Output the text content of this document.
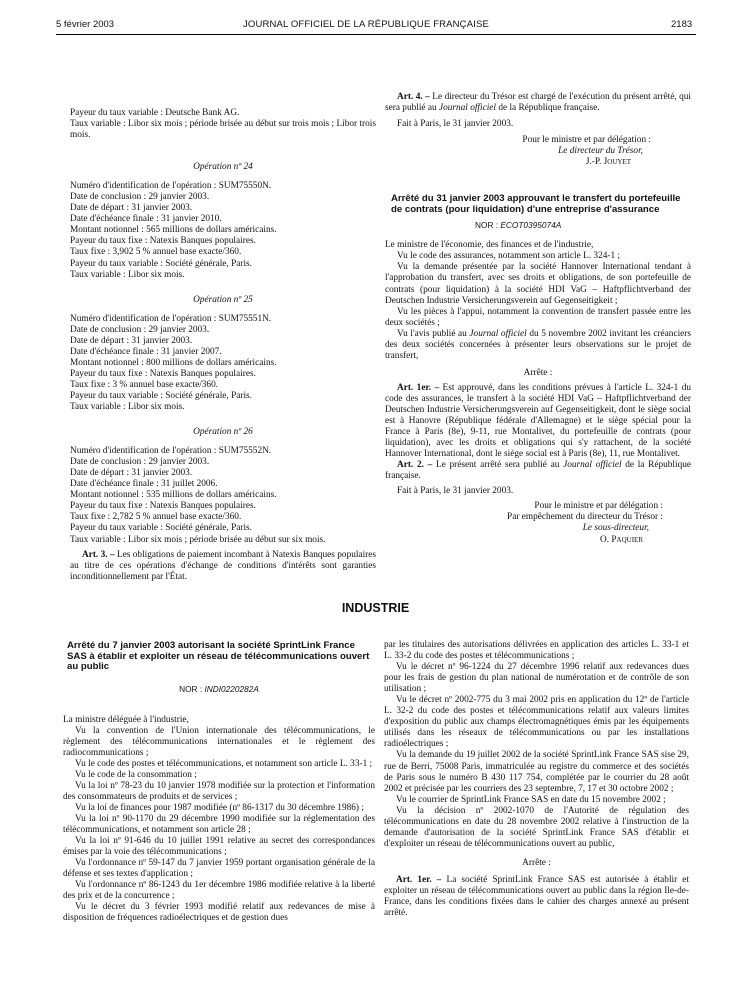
5 février 2003	JOURNAL OFFICIEL DE LA RÉPUBLIQUE FRANÇAISE	2183

Payeur du taux variable : Deutsche Bank AG.

Taux variable : Libor six mois ; période brisée au début sur trois mois ; Libor trois mois.

Opération nº 24

Numéro d'identification de l'opération : SUM75550N.

Date de conclusion : 29 janvier 2003.

Date de départ : 31 janvier 2003.

Date d'échéance finale : 31 janvier 2010.

Montant notionnel : 565 millions de dollars américains.

Payeur du taux fixe : Natexis Banques populaires.

Taux fixe : 3,902 5 % annuel base exacte/360.

Payeur du taux variable : Société générale, Paris.

Taux variable : Libor six mois.

Opération nº 25

Numéro d'identification de l'opération : SUM75551N.

Date de conclusion : 29 janvier 2003.

Date de départ : 31 janvier 2003.

Date d'échéance finale : 31 janvier 2007.

Montant notionnel : 800 millions de dollars américains.

Payeur du taux fixe : Natexis Banques populaires.

Taux fixe : 3 % annuel base exacte/360.

Payeur du taux variable : Société générale, Paris.

Taux variable : Libor six mois.

Opération nº 26

Numéro d'identification de l'opération : SUM75552N.

Date de conclusion : 29 janvier 2003.

Date de départ : 31 janvier 2003.

Date d'échéance finale : 31 juillet 2006.

Montant notionnel : 535 millions de dollars américains.

Payeur du taux fixe : Natexis Banques populaires.

Taux fixe : 2,782 5 % annuel base exacte/360.

Payeur du taux variable : Société générale, Paris.

Taux variable : Libor six mois ; période brisée au début sur six mois.

Art. 3. – Les obligations de paiement incombant à Natexis Banques populaires au titre de ces opérations d'échange de conditions d'intérêts sont garanties inconditionnellement par l'État.

Art. 4. – Le directeur du Trésor est chargé de l'exécution du présent arrêté, qui sera publié au Journal officiel de la République française.

Fait à Paris, le 31 janvier 2003.

Pour le ministre et par délégation :

Le directeur du Trésor,

J.-P. Jouyet

Arrêté du 31 janvier 2003 approuvant le transfert du portefeuille de contrats (pour liquidation) d'une entreprise d'assurance

NOR : ECOT0395074A

Le ministre de l'économie, des finances et de l'industrie,

Vu le code des assurances, notamment son article L. 324-1 ;

Vu la demande présentée par la société Hannover International tendant à l'approbation du transfert, avec ses droits et obligations, de son portefeuille de contrats (pour liquidation) à la société HDI VaG – Haftpflichtverband der Deutschen Industrie Versicherungsverein auf Gegenseitigkeit ;

Vu les pièces à l'appui, notamment la convention de transfert passée entre les deux sociétés ;

Vu l'avis publié au Journal officiel du 5 novembre 2002 invitant les créanciers des deux sociétés concernées à présenter leurs observations sur le projet de transfert,

Arrête :

Art. 1er. – Est approuvé, dans les conditions prévues à l'article L. 324-1 du code des assurances, le transfert à la société HDI VaG – Haftpflichtverband der Deutschen Industrie Versicherungsverein auf Gegenseitigkeit, dont le siège social est à Hanovre (République fédérale d'Allemagne) et le siège spécial pour la France à Paris (8e), 9-11, rue Montalivet, du portefeuille de contrats (pour liquidation), avec les droits et obligations qui s'y rattachent, de la société Hannover International, dont le siège social est à Paris (8e), 11, rue Montalivet.

Art. 2. – Le présent arrêté sera publié au Journal officiel de la République française.

Fait à Paris, le 31 janvier 2003.

Pour le ministre et par délégation :

Par empêchement du directeur du Trésor :

Le sous-directeur,

O. Paquier

INDUSTRIE

Arrêté du 7 janvier 2003 autorisant la société SprintLink France SAS à établir et exploiter un réseau de télécommunications ouvert au public

NOR : INDI0220282A

La ministre déléguée à l'industrie,

Vu la convention de l'Union internationale des télécommunications, le règlement des télécommunications internationales et le règlement des radiocommunications ;

Vu le code des postes et télécommunications, et notamment son article L. 33-1 ;

Vu le code de la consommation ;

Vu la loi nº 78-23 du 10 janvier 1978 modifiée sur la protection et l'information des consommateurs de produits et de services ;

Vu la loi de finances pour 1987 modifiée (nº 86-1317 du 30 décembre 1986) ;

Vu la loi nº 90-1170 du 29 décembre 1990 modifiée sur la réglementation des télécommunications, et notamment son article 28 ;

Vu la loi nº 91-646 du 10 juillet 1991 relative au secret des correspondances émises par la voie des télécommunications ;

Vu l'ordonnance nº 59-147 du 7 janvier 1959 portant organisation générale de la défense et ses textes d'application ;

Vu l'ordonnance nº 86-1243 du 1er décembre 1986 modifiée relative à la liberté des prix et de la concurrence ;

Vu le décret du 3 février 1993 modifié relatif aux redevances de mise à disposition de fréquences radioélectriques et de gestion dues

par les titulaires des autorisations délivrées en application des articles L. 33-1 et L. 33-2 du code des postes et télécommunications ;

Vu le décret nº 96-1224 du 27 décembre 1996 relatif aux redevances dues pour les frais de gestion du plan national de numérotation et de contrôle de son utilisation ;

Vu le décret nº 2002-775 du 3 mai 2002 pris en application du 12º de l'article L. 32-2 du code des postes et télécommunications relatif aux valeurs limites d'exposition du public aux champs électromagnétiques émis par les équipements utilisés dans les réseaux de télécommunications ou par les installations radioélectriques ;

Vu la demande du 19 juillet 2002 de la société SprintLink France SAS sise 29, rue de Berri, 75008 Paris, immatriculée au registre du commerce et des sociétés de Paris sous le numéro B 430 117 754, complétée par le courrier du 28 août 2002 et précisée par les courriers des 23 septembre, 7, 17 et 30 octobre 2002 ;

Vu le courrier de SprintLink France SAS en date du 15 novembre 2002 ;

Vu la décision nº 2002-1070 de l'Autorité de régulation des télécommunications en date du 28 novembre 2002 relative à l'instruction de la demande d'autorisation de la société SprintLink France SAS d'établir et d'exploiter un réseau de télécommunications ouvert au public,

Arrête :

Art. 1er. – La société SprintLink France SAS est autorisée à établir et exploiter un réseau de télécommunications ouvert au public dans la région Ile-de-France, dans les conditions fixées dans le cahier des charges annexé au présent arrêté.
